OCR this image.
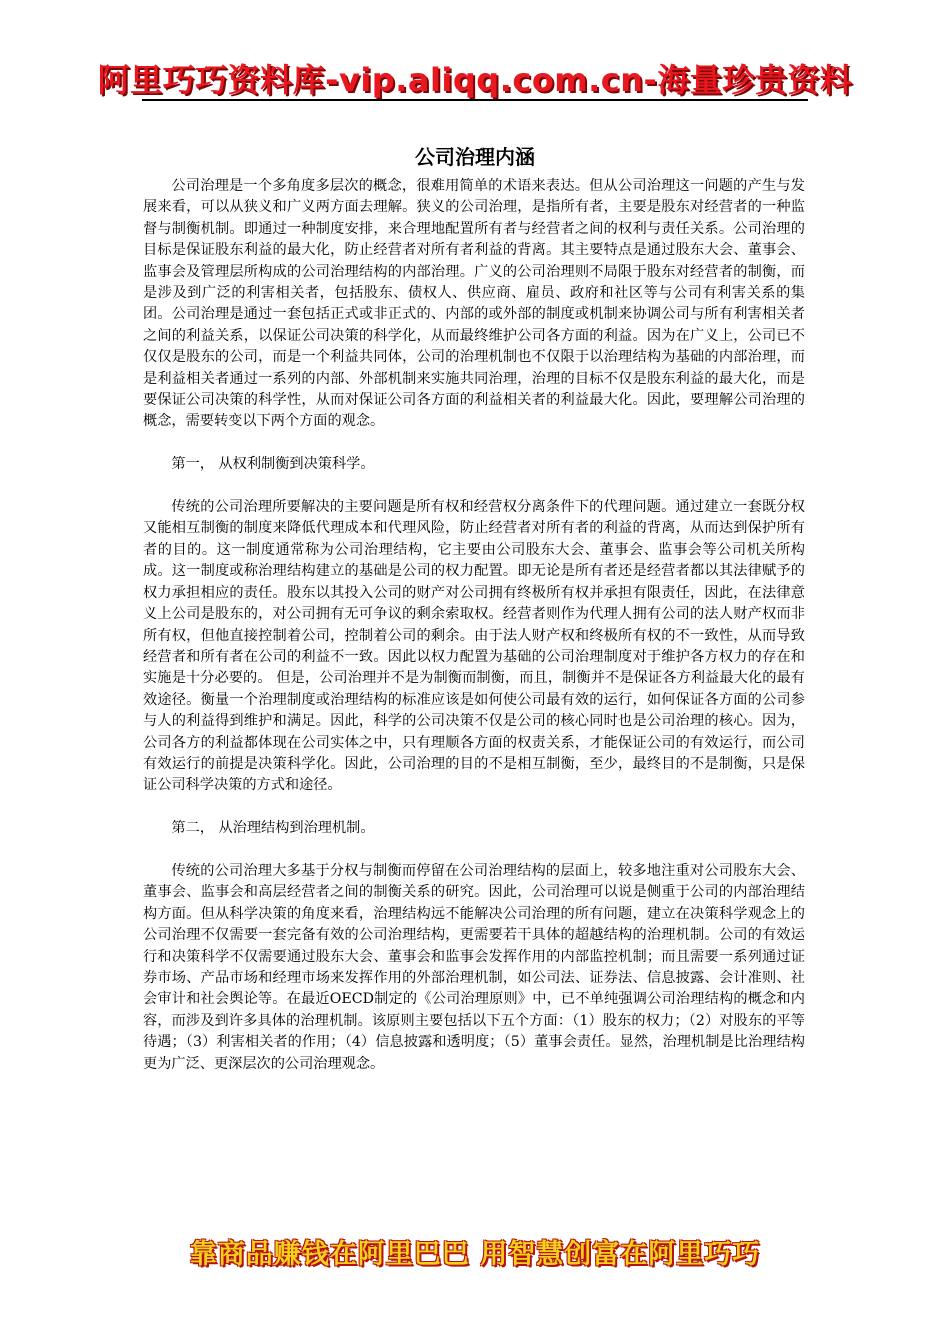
阿里巧巧资料库-vip.aliqq.com.cn-海量珍贵资料
公司治理内涵

公司治理是一个多角度多层次的概念，很难用简单的术语来表达。但从公司治理这一问题的产生与发展来看，可以从狭义和广义两方面去理解。狭义的公司治理，是指所有者，主要是股东对经营者的一种监督与制衡机制。即通过一种制度安排，来合理地配置所有者与经营者之间的权利与责任关系。公司治理的目标是保证股东利益的最大化，防止经营者对所有者利益的背离。其主要特点是通过股东大会、董事会、监事会及管理层所构成的公司治理结构的内部治理。广义的公司治理则不局限于股东对经营者的制衡，而是涉及到广泛的利害相关者，包括股东、债权人、供应商、雇员、政府和社区等与公司有利害关系的集团。公司治理是通过一套包括正式或非正式的、内部的或外部的制度或机制来协调公司与所有利害相关者之间的利益关系，以保证公司决策的科学化，从而最终维护公司各方面的利益。因为在广义上，公司已不仅仅是股东的公司，而是一个利益共同体，公司的治理机制也不仅限于以治理结构为基础的内部治理，而是利益相关者通过一系列的内部、外部机制来实施共同治理，治理的目标不仅是股东利益的最大化，而是要保证公司决策的科学性，从而对保证公司各方面的利益相关者的利益最大化。因此，要理解公司治理的概念，需要转变以下两个方面的观念。

第一， 从权利制衡到决策科学。

传统的公司治理所要解决的主要问题是所有权和经营权分离条件下的代理问题。通过建立一套既分权又能相互制衡的制度来降低代理成本和代理风险，防止经营者对所有者的利益的背离，从而达到保护所有者的目的。这一制度通常称为公司治理结构，它主要由公司股东大会、董事会、监事会等公司机关所构成。这一制度或称治理结构建立的基础是公司的权力配置。即无论是所有者还是经营者都以其法律赋予的权力承担相应的责任。股东以其投入公司的财产对公司拥有终极所有权并承担有限责任，因此，在法律意义上公司是股东的，对公司拥有无可争议的剩余索取权。经营者则作为代理人拥有公司的法人财产权而非所有权，但他直接控制着公司，控制着公司的剩余。由于法人财产权和终极所有权的不一致性，从而导致经营者和所有者在公司的利益不一致。因此以权力配置为基础的公司治理制度对于维护各方权力的存在和实施是十分必要的。 但是，公司治理并不是为制衡而制衡，而且，制衡并不是保证各方利益最大化的最有效途径。衡量一个治理制度或治理结构的标准应该是如何使公司最有效的运行，如何保证各方面的公司参与人的利益得到维护和满足。因此，科学的公司决策不仅是公司的核心同时也是公司治理的核心。因为，公司各方的利益都体现在公司实体之中，只有理顺各方面的权责关系，才能保证公司的有效运行，而公司有效运行的前提是决策科学化。因此，公司治理的目的不是相互制衡，至少，最终目的不是制衡，只是保证公司科学决策的方式和途径。

第二， 从治理结构到治理机制。

传统的公司治理大多基于分权与制衡而停留在公司治理结构的层面上，较多地注重对公司股东大会、董事会、监事会和高层经营者之间的制衡关系的研究。因此，公司治理可以说是侧重于公司的内部治理结构方面。但从科学决策的角度来看，治理结构远不能解决公司治理的所有问题，建立在决策科学观念上的公司治理不仅需要一套完备有效的公司治理结构，更需要若干具体的超越结构的治理机制。公司的有效运行和决策科学不仅需要通过股东大会、董事会和监事会发挥作用的内部监控机制；而且需要一系列通过证券市场、产品市场和经理市场来发挥作用的外部治理机制，如公司法、证券法、信息披露、会计准则、社会审计和社会舆论等。在最近OECD制定的《公司治理原则》中，已不单纯强调公司治理结构的概念和内容，而涉及到许多具体的治理机制。该原则主要包括以下五个方面：（1）股东的权力；（2）对股东的平等待遇；（3）利害相关者的作用；（4）信息披露和透明度；（5）董事会责任。显然，治理机制是比治理结构更为广泛、更深层次的公司治理观念。

靠商品赚钱在阿里巴巴 用智慧创富在阿里巧巧
